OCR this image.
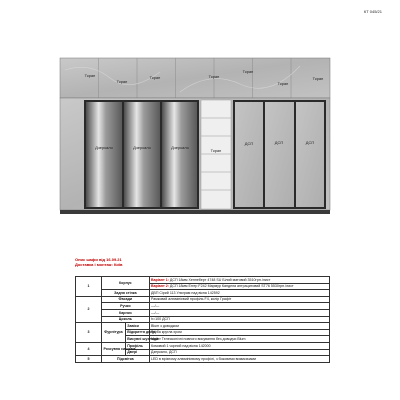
КТ 045/21
Ткрап
Ткрап
Ткрап	Ткрап
Ткрап
Ткрап
Ткрап
Дзеркало	Дзеркало	Дзеркало
Ткрап
ДСП	ДСП	ДСП
Опис шафи від 16.09.21
Доставка і монтаж: Київ
1	Корпус		Варіант 1: ДСП 18мм Хеннеберт 4748 SU Білий матовий 3510грн./лист
			Варіант 2: ДСП 18мм Еггер F242 Мармур Кандела антрацитовий ST76 5530грн./лист
	Задня стінка		ДВП Сірий 113 Ультрам над вікна 142592
2	Фасади		Рамковий алюмінієвий профіль F4, колір Графіт
	Ручки		—/—
	Карниз		—/—
	Цоколь		h=100 ДСП
3	Фурнітура	Завіси	Blum з доводком
		Відкриття двері	Труба кругла хром
		Висувні шухляди	Muller Телескопічні повного висування без доводчи Blum
4	Розсувна система	Профіль	Комовий 1 чорний над вікна 142000
		Двері	Дзеркало, ДСП
5	Підсвітка		LED в врізному алюмінієвому профілі, з боковими вимикачами
